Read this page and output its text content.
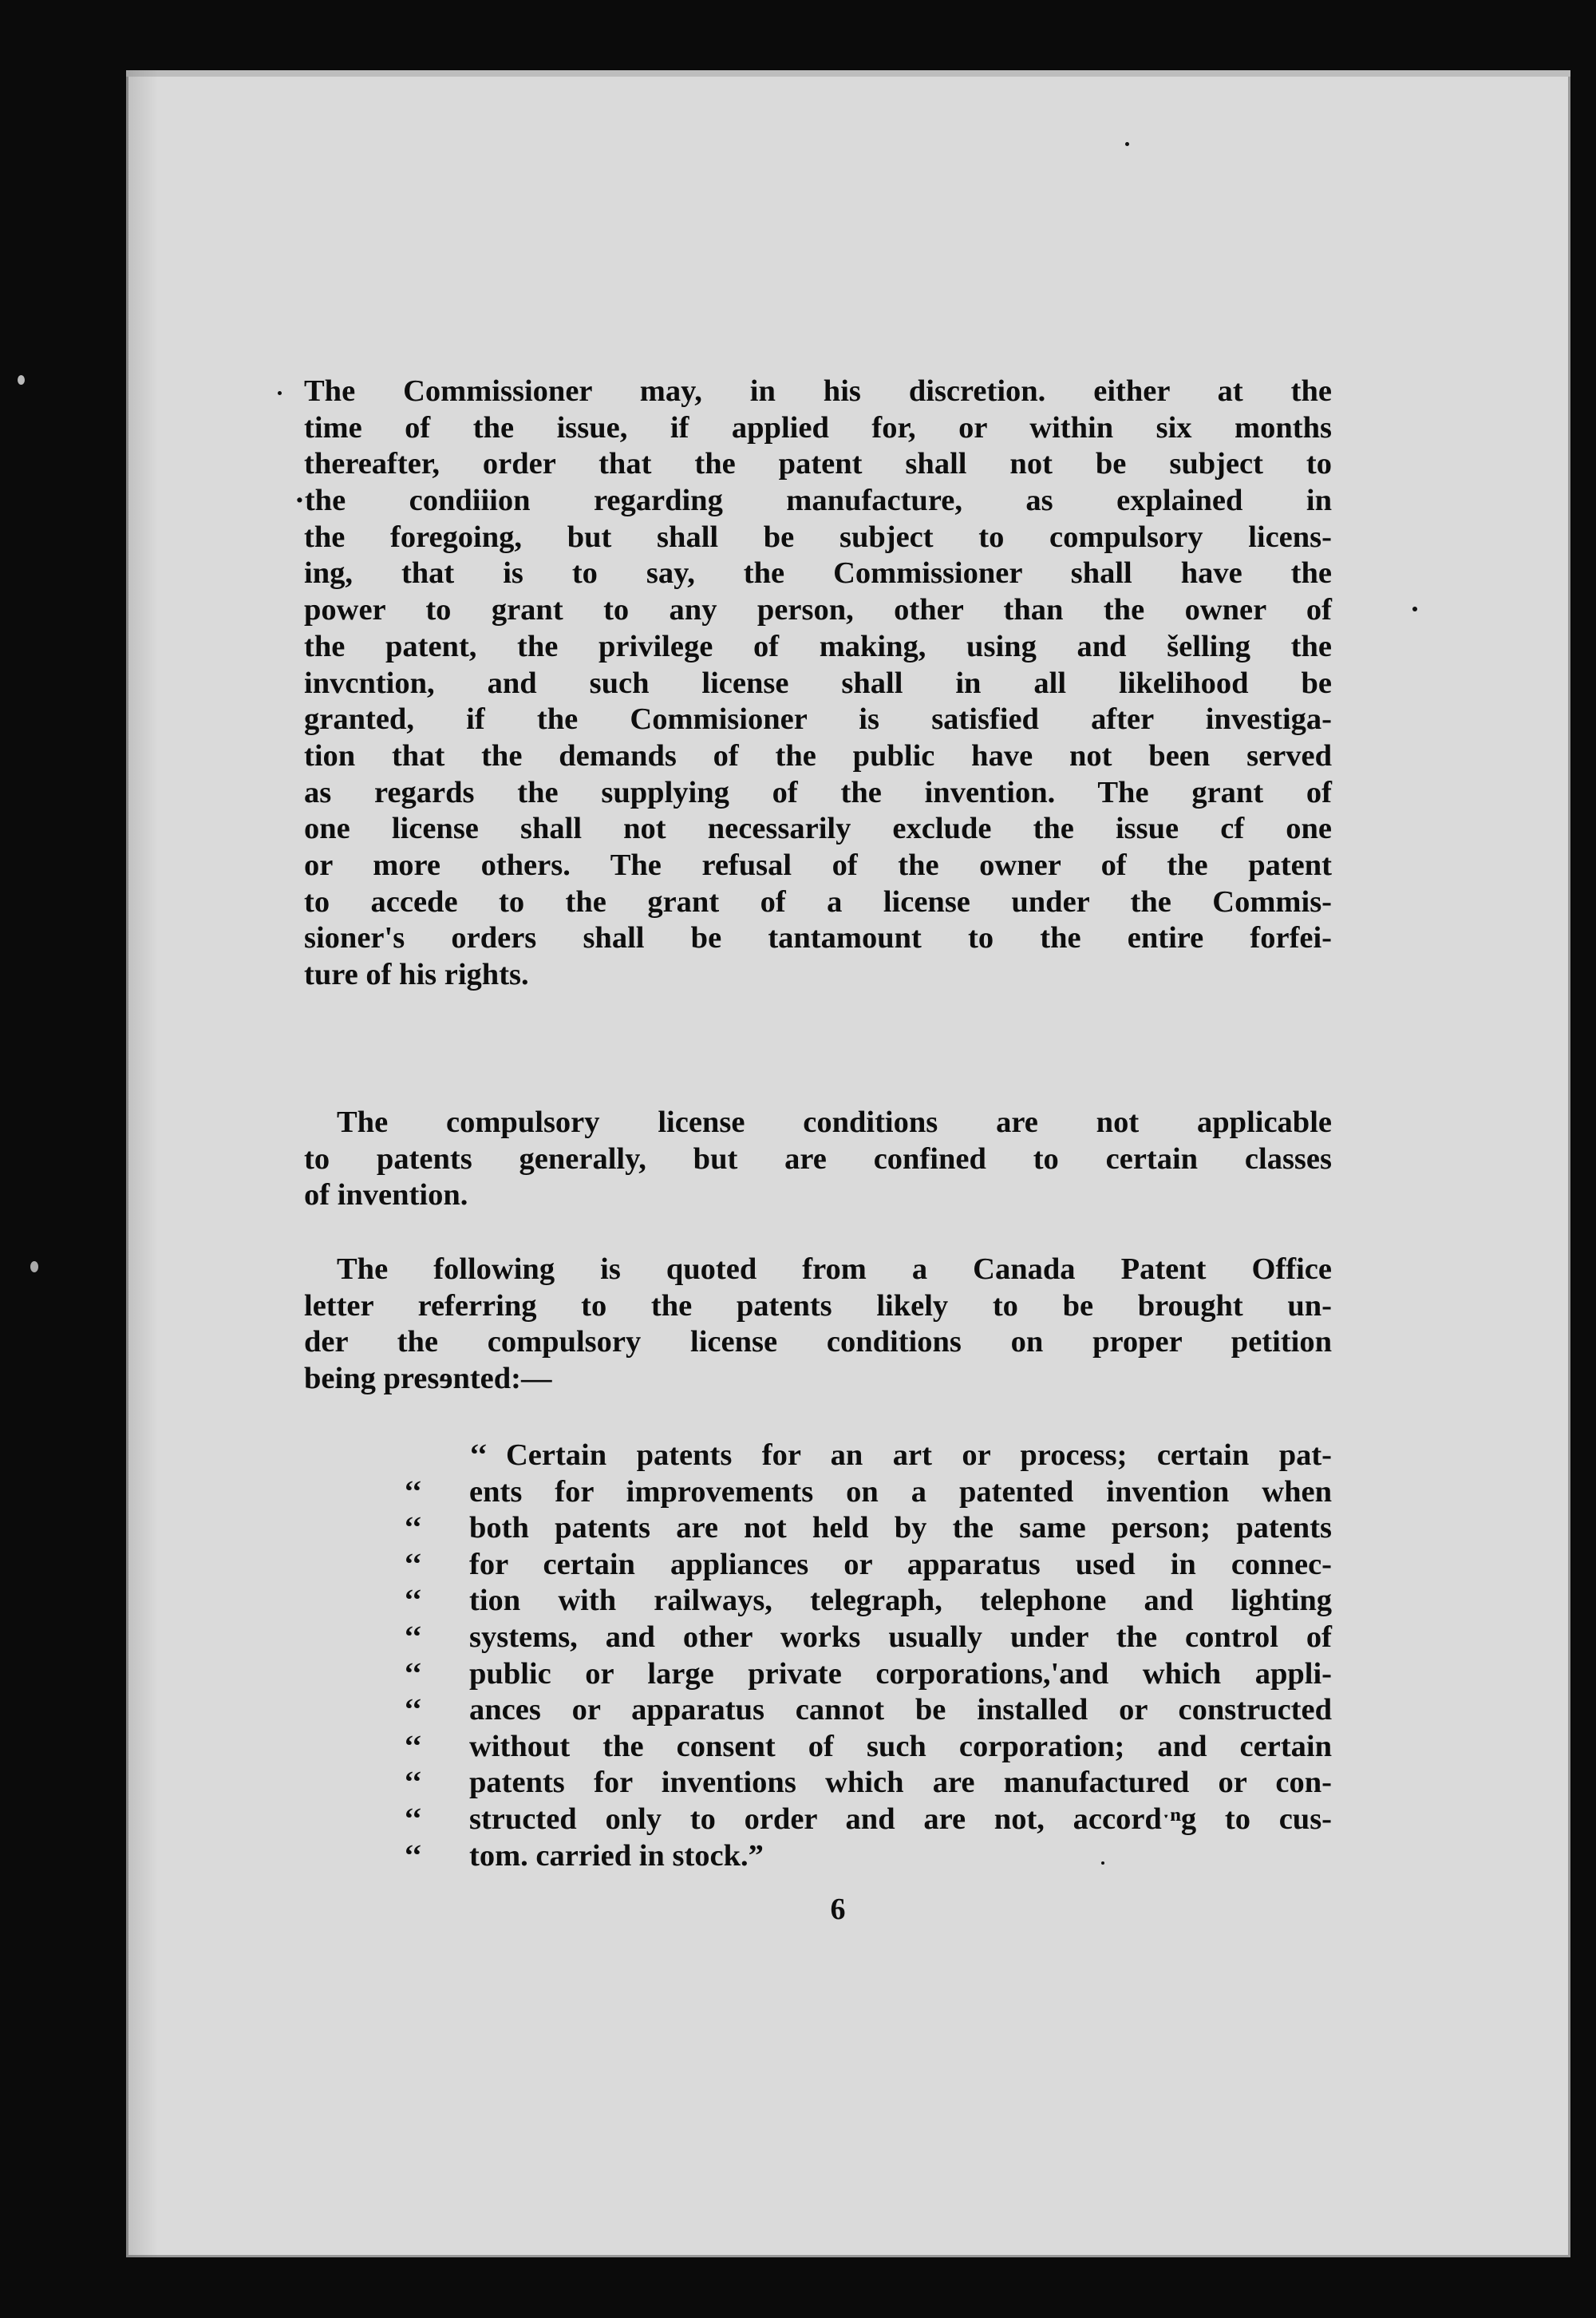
The Commissioner may, in his discretion. either at the
time of the issue, if applied for, or within six months
thereafter, order that the patent shall not be subject to
·the condiiion regarding manufacture, as explained in
the foregoing, but shall be subject to compulsory licens-
ing, that is to say, the Commissioner shall have the
power to grant to any person, other than the owner of
the patent, the privilege of making, using and šelling the
invcntion, and such license shall in all likelihood be
granted, if the Commisioner is satisfied after investiga-
tion that the demands of the public have not been served
as regards the supplying of the invention. The grant of
one license shall not necessarily exclude the issue cf one
or more others. The refusal of the owner of the patent
to accede to the grant of a license under the Commis-
sioner's orders shall be tantamount to the entire forfei-
ture of his rights.
The compulsory license conditions are not applicable
to patents generally, but are confined to certain classes
of invention.
The following is quoted from a Canada Patent Office
letter referring to the patents likely to be brought un-
der the compulsory license conditions on proper petition
being presɘnted:—
‘‘ Certain patents for an art or process; certain pat-
‘‘	ents for improvements on a patented invention when
‘‘	both patents are not held by the same person; patents
‘‘	for certain appliances or apparatus used in connec-
‘‘	tion with railways, telegraph, telephone and lighting
‘‘	systems, and other works usually under the control of
‘‘	public or large private corporations,'and which appli-
‘‘	ances or apparatus cannot be installed or constructed
‘‘	without the consent of such corporation; and certain
‘‘	patents for inventions which are manufactured or con-
‘‘	structed only to order and are not, accordˑⁿg to cus-
‘‘	tom. carried in stock.”
6
